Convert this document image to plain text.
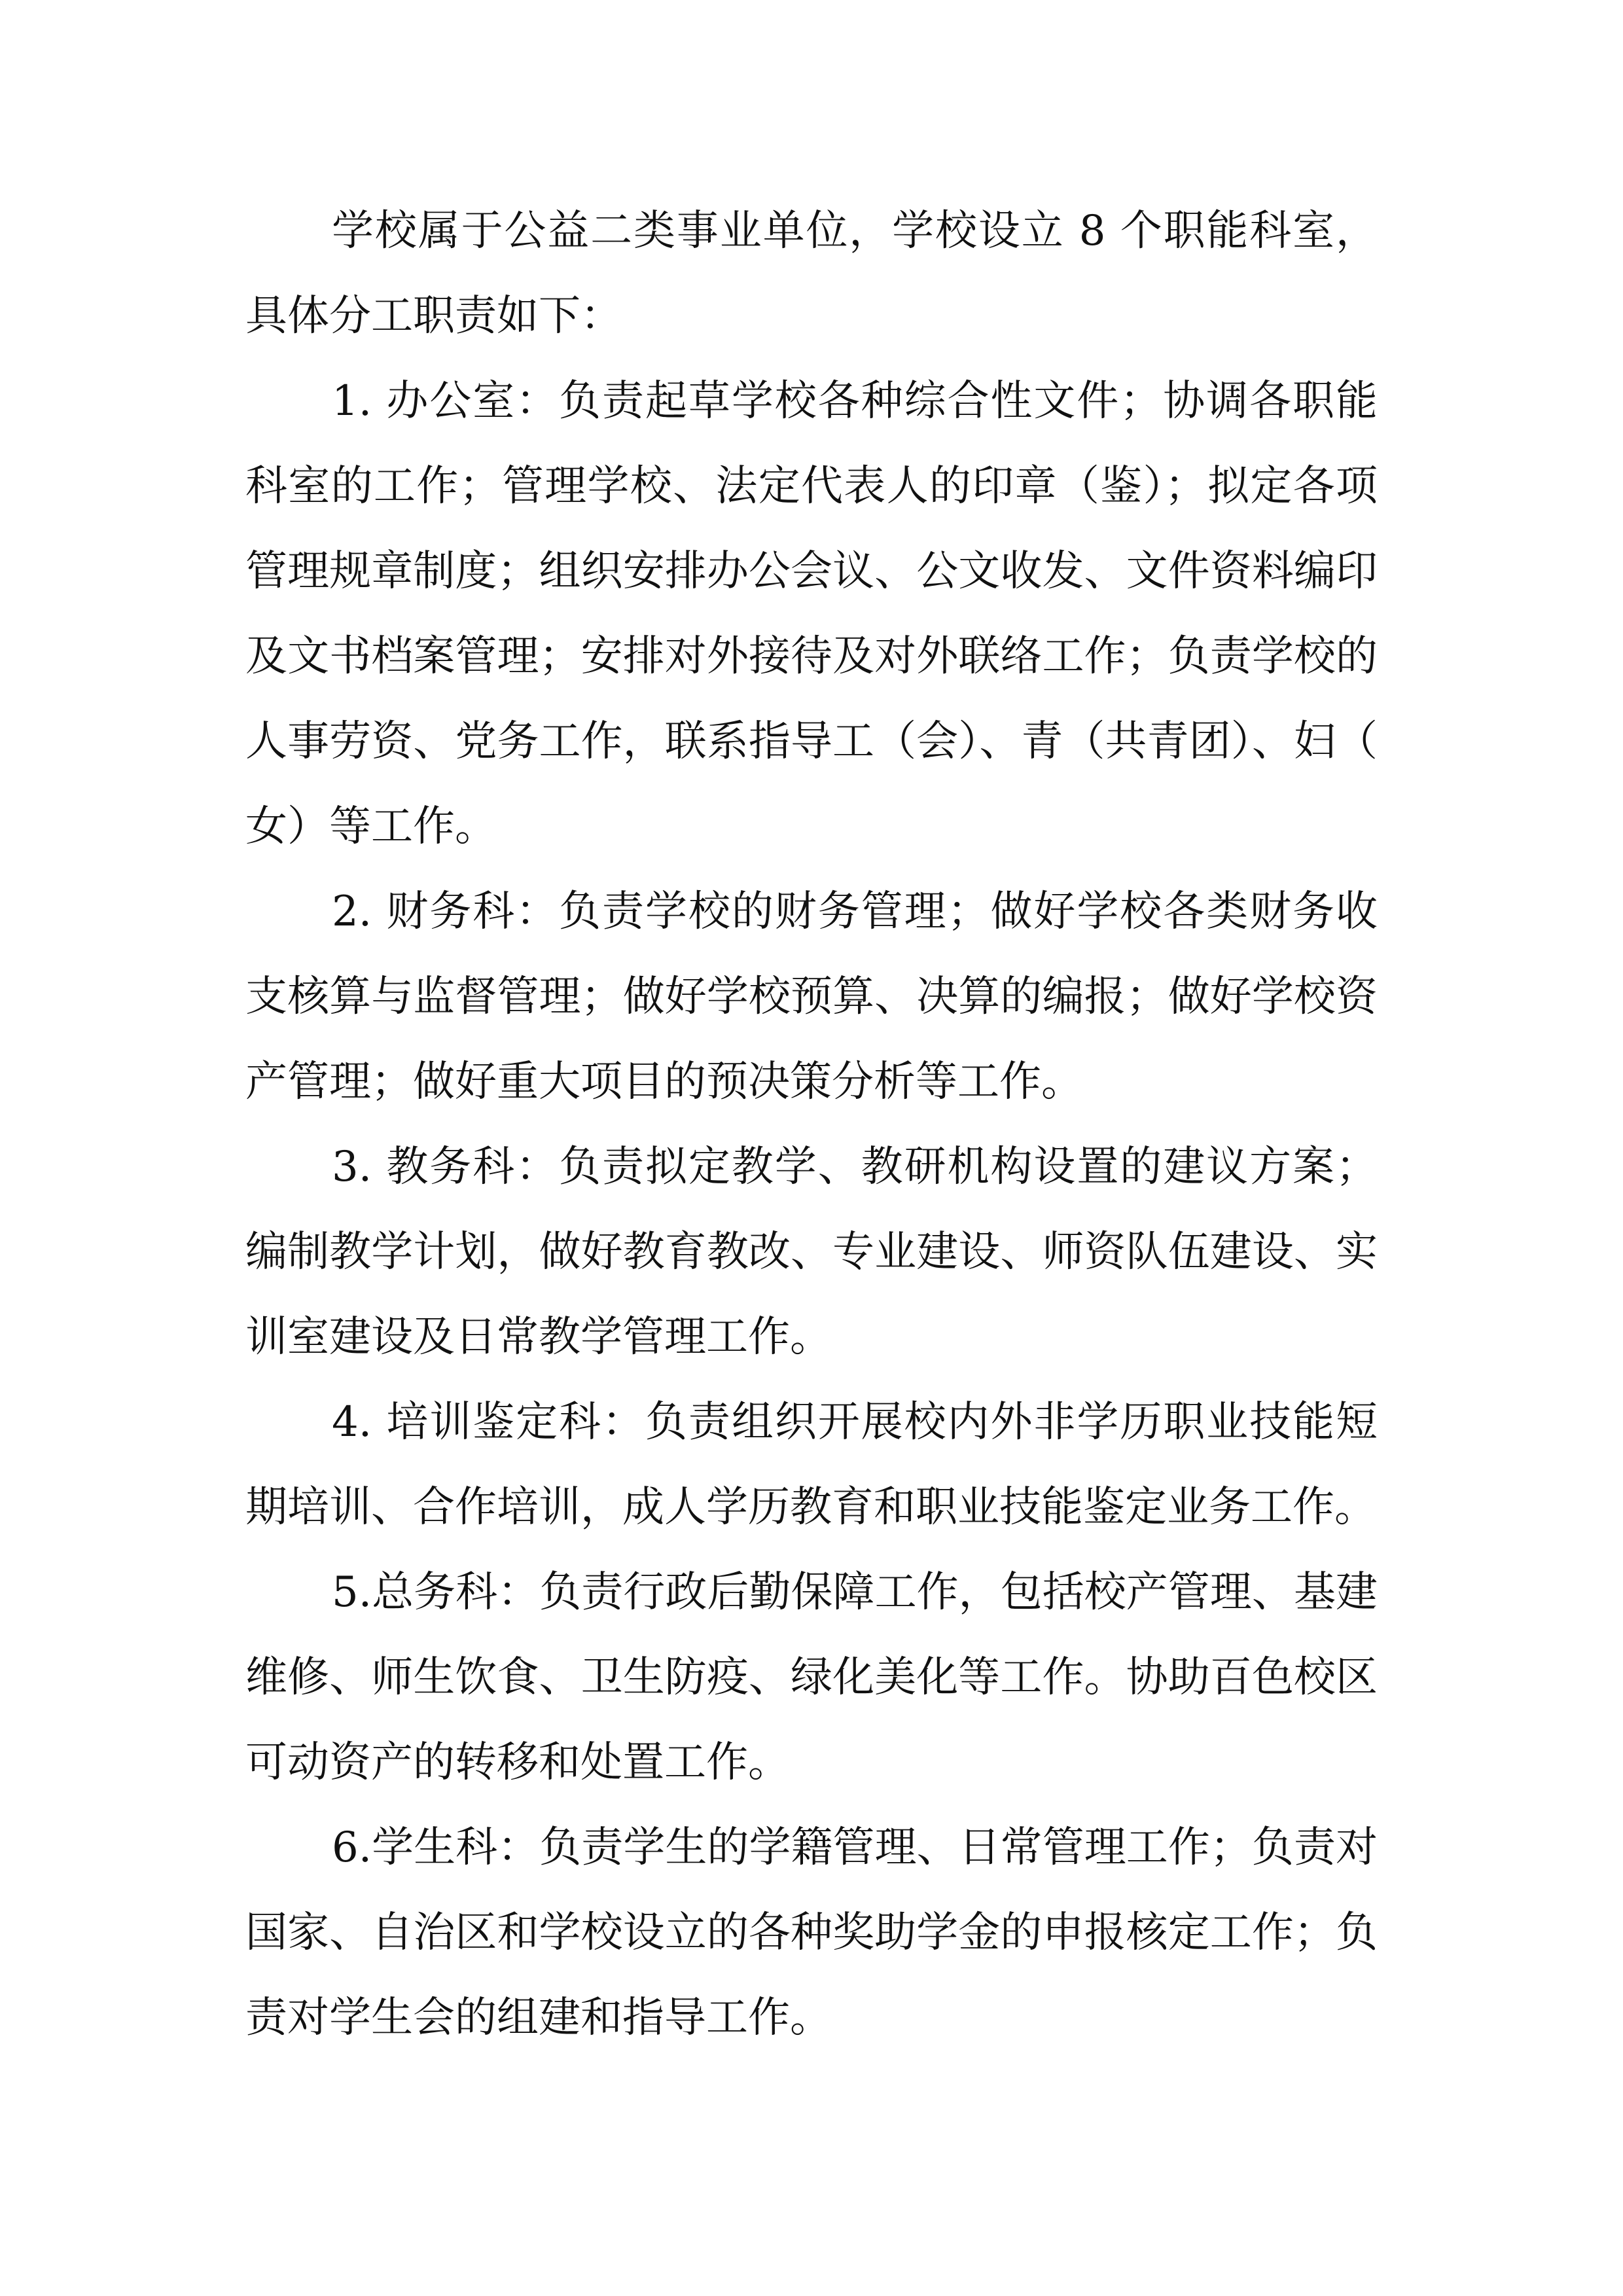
学校属于公益二类事业单位，学校设立 8 个职能科室，具体分工职责如下：

1. 办公室：负责起草学校各种综合性文件；协调各职能科室的工作；管理学校、法定代表人的印章（鉴）；拟定各项管理规章制度；组织安排办公会议、公文收发、文件资料编印及文书档案管理；安排对外接待及对外联络工作；负责学校的人事劳资、党务工作，联系指导工（会）、青（共青团）、妇（女）等工作。

2. 财务科：负责学校的财务管理；做好学校各类财务收支核算与监督管理；做好学校预算、决算的编报；做好学校资产管理；做好重大项目的预决策分析等工作。

3. 教务科：负责拟定教学、教研机构设置的建议方案；编制教学计划，做好教育教改、专业建设、师资队伍建设、实训室建设及日常教学管理工作。

4. 培训鉴定科：负责组织开展校内外非学历职业技能短期培训、合作培训，成人学历教育和职业技能鉴定业务工作。

5.总务科：负责行政后勤保障工作，包括校产管理、基建维修、师生饮食、卫生防疫、绿化美化等工作。协助百色校区可动资产的转移和处置工作。

6.学生科：负责学生的学籍管理、日常管理工作；负责对国家、自治区和学校设立的各种奖助学金的申报核定工作；负责对学生会的组建和指导工作。
